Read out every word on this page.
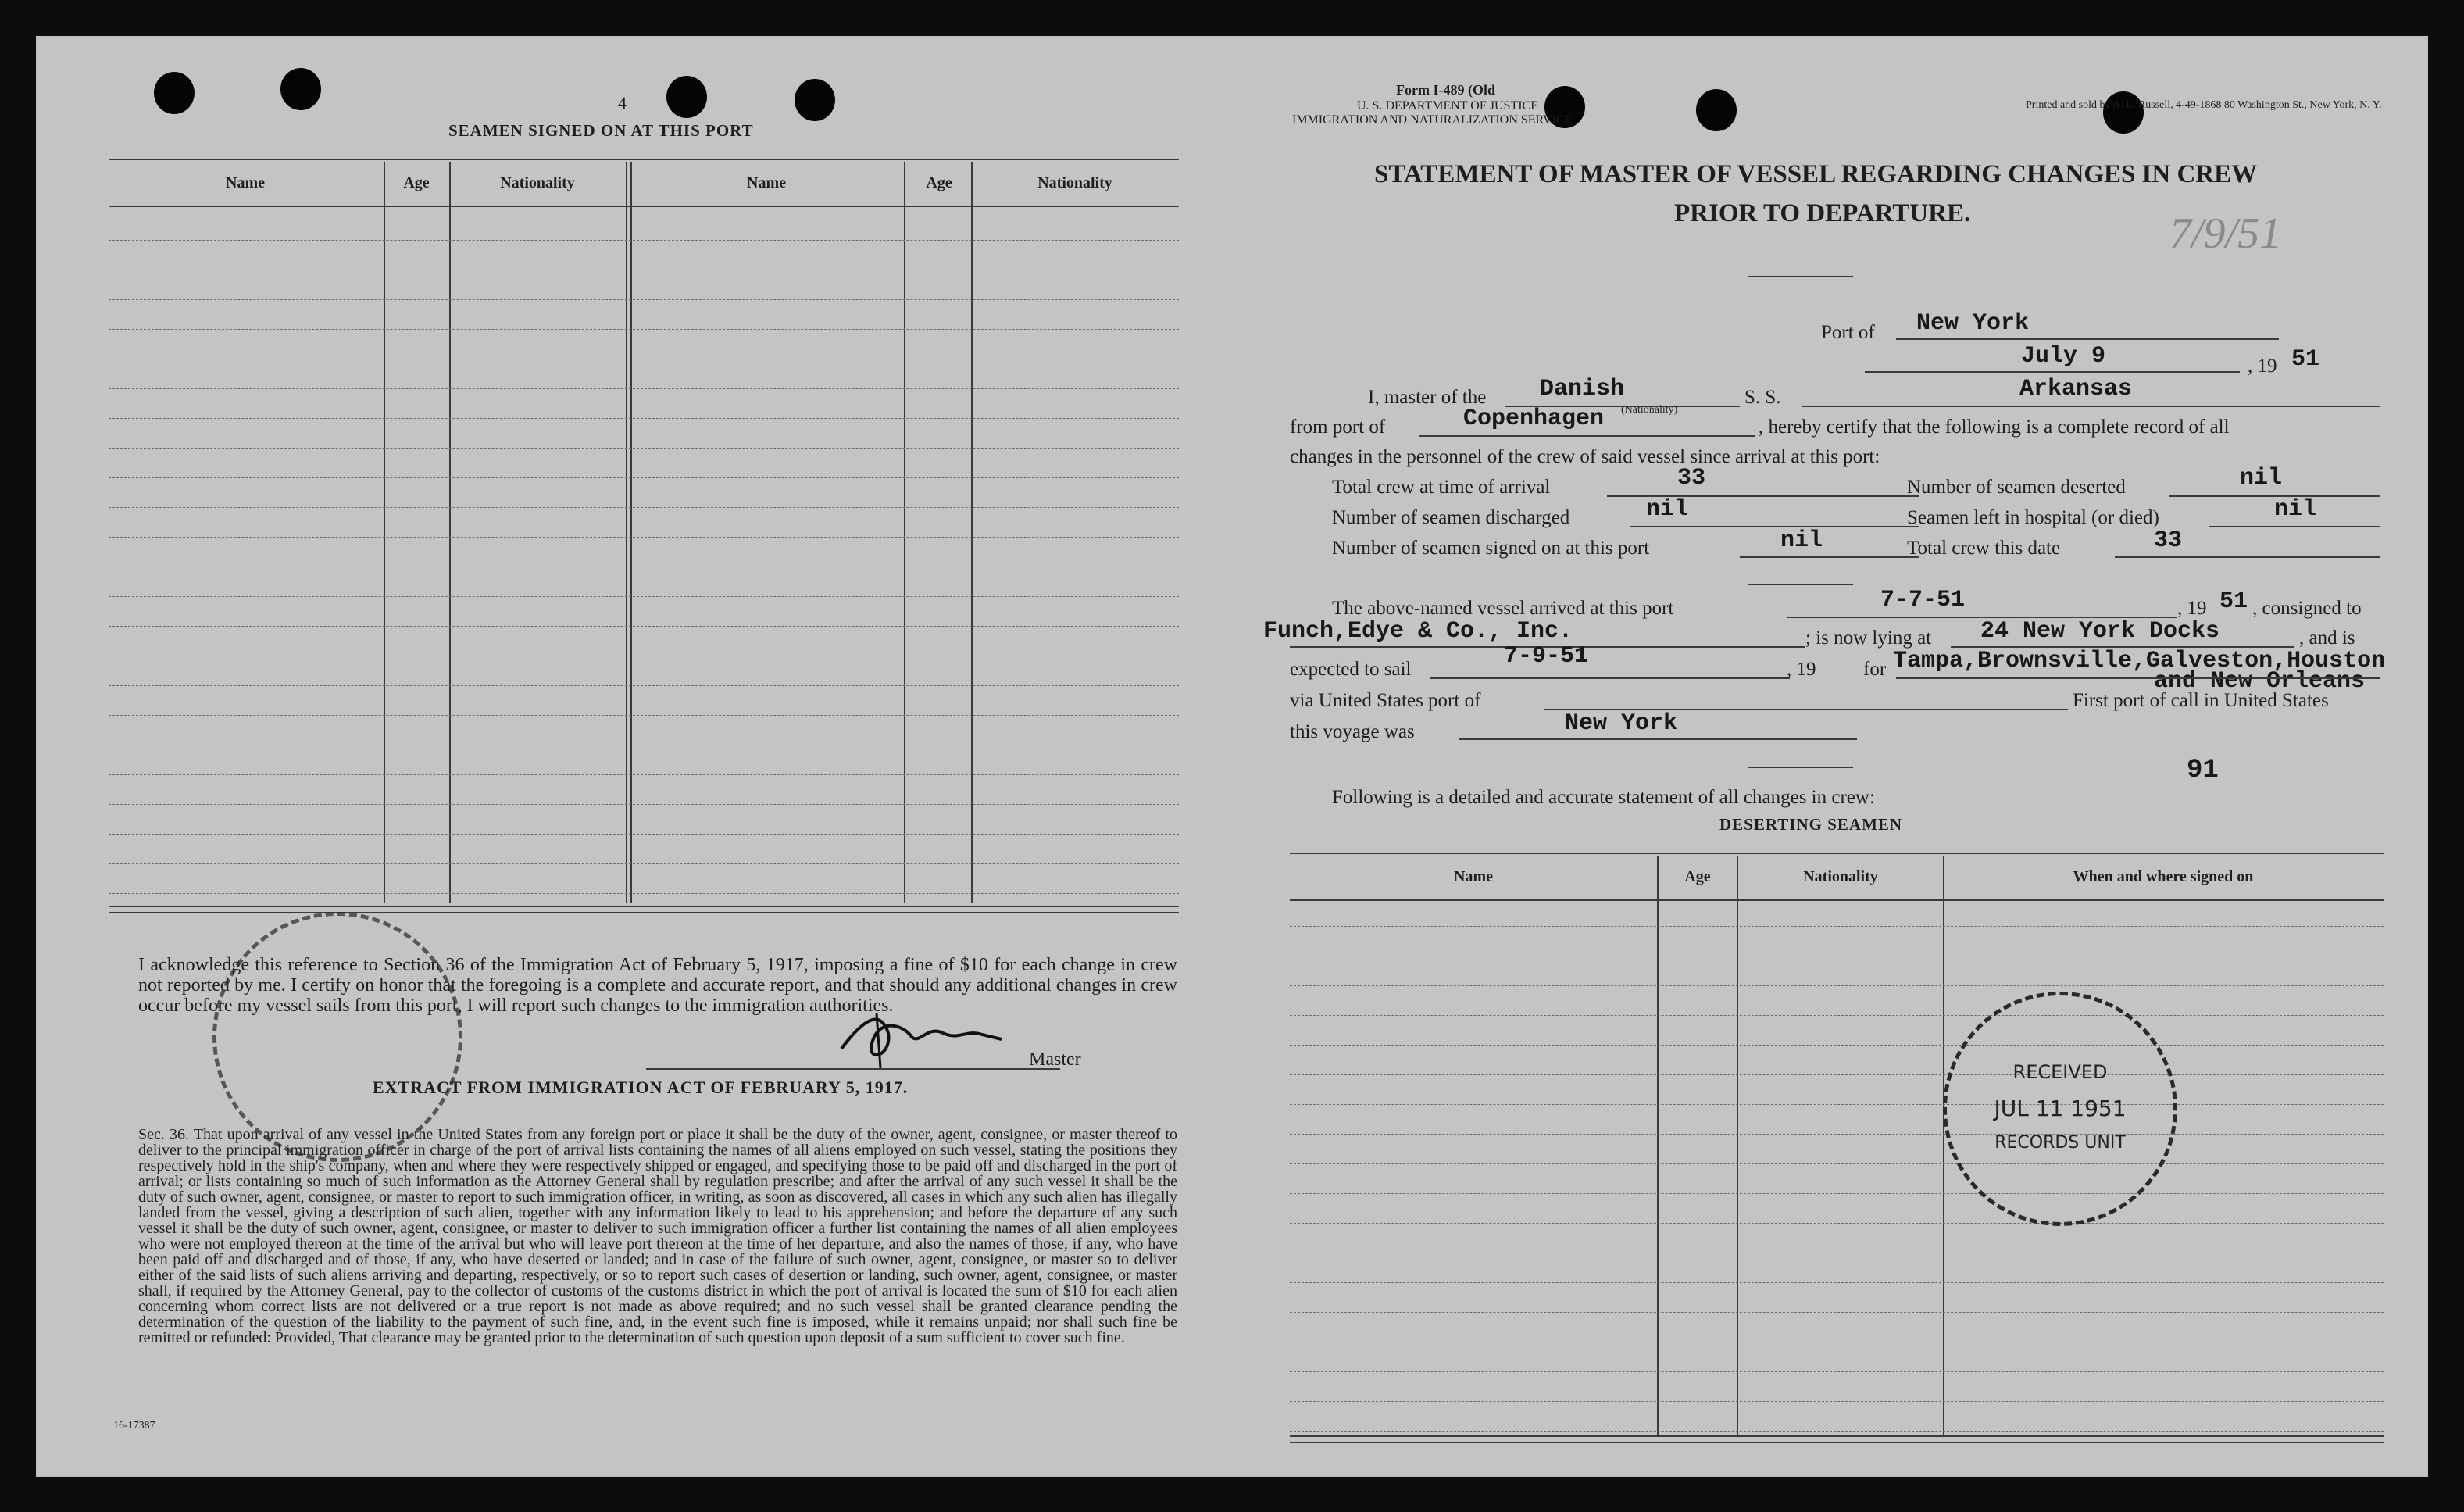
4
SEAMEN SIGNED ON AT THIS PORT
Name	Age	Nationality	Name	Age	Nationality
I acknowledge this reference to Section 36 of the Immigration Act of February 5, 1917, imposing a fine of $10 for each change in crew not reported by me. I certify on honor that the foregoing is a complete and accurate report, and that should any additional changes in crew occur before my vessel sails from this port, I will report such changes to the immigration authorities.
Master
EXTRACT FROM IMMIGRATION ACT OF FEBRUARY 5, 1917.
Sec. 36. That upon arrival of any vessel in the United States from any foreign port or place it shall be the duty of the owner, agent, consignee, or master thereof to deliver to the principal immigration officer in charge of the port of arrival lists containing the names of all aliens employed on such vessel, stating the positions they respectively hold in the ship's company, when and where they were respectively shipped or engaged, and specifying those to be paid off and discharged in the port of arrival; or lists containing so much of such information as the Attorney General shall by regulation prescribe; and after the arrival of any such vessel it shall be the duty of such owner, agent, consignee, or master to report to such immigration officer, in writing, as soon as discovered, all cases in which any such alien has illegally landed from the vessel, giving a description of such alien, together with any information likely to lead to his apprehension; and before the departure of any such vessel it shall be the duty of such owner, agent, consignee, or master to deliver to such immigration officer a further list containing the names of all alien employees who were not employed thereon at the time of the arrival but who will leave port thereon at the time of her departure, and also the names of those, if any, who have been paid off and discharged and of those, if any, who have deserted or landed; and in case of the failure of such owner, agent, consignee, or master so to deliver either of the said lists of such aliens arriving and departing, respectively, or so to report such cases of desertion or landing, such owner, agent, consignee, or master shall, if required by the Attorney General, pay to the collector of customs of the customs district in which the port of arrival is located the sum of $10 for each alien concerning whom correct lists are not delivered or a true report is not made as above required; and no such vessel shall be granted clearance pending the determination of the question of the liability to the payment of such fine, and, in the event such fine is imposed, while it remains unpaid; nor shall such fine be remitted or refunded: Provided, That clearance may be granted prior to the determination of such question upon deposit of a sum sufficient to cover such fine.
16-17387
Form I-489 (Old
U. S. DEPARTMENT OF JUSTICE
IMMIGRATION AND NATURALIZATION SERVICE
Printed and sold by A. L. Russell, 4-49-1868 80 Washington St., New York, N. Y.
7/9/51
STATEMENT OF MASTER OF VESSEL REGARDING CHANGES IN CREW
PRIOR TO DEPARTURE.
Port of New York
July 9	, 19 51
I, master of the Danish	S. S.	Arkansas
from port of	Copenhagen (Nationality)
, hereby certify that the following is a complete record of all
changes in the personnel of the crew of said vessel since arrival at this port:
Total crew at time of arrival	33	Number of seamen deserted	nil
Number of seamen discharged	nil	Seamen left in hospital (or died)	nil
Number of seamen signed on at this port	nil	Total crew this date	33
The above-named vessel arrived at this port	7-7-51	, 19 51 , consigned to
Funch,Edye & Co., Inc.	; is now lying at 24 New York Docks	, and is
expected to sail	7-9-51	, 19 for Tampa,Brownsville,Galveston,Houston
and New Orleans
via United States port of	First port of call in United States
this voyage was	New York
91
Following is a detailed and accurate statement of all changes in crew:
DESERTING SEAMEN
Name	Age	Nationality	When and where signed on
RECEIVED
JUL 11 1951
RECORDS UNIT
